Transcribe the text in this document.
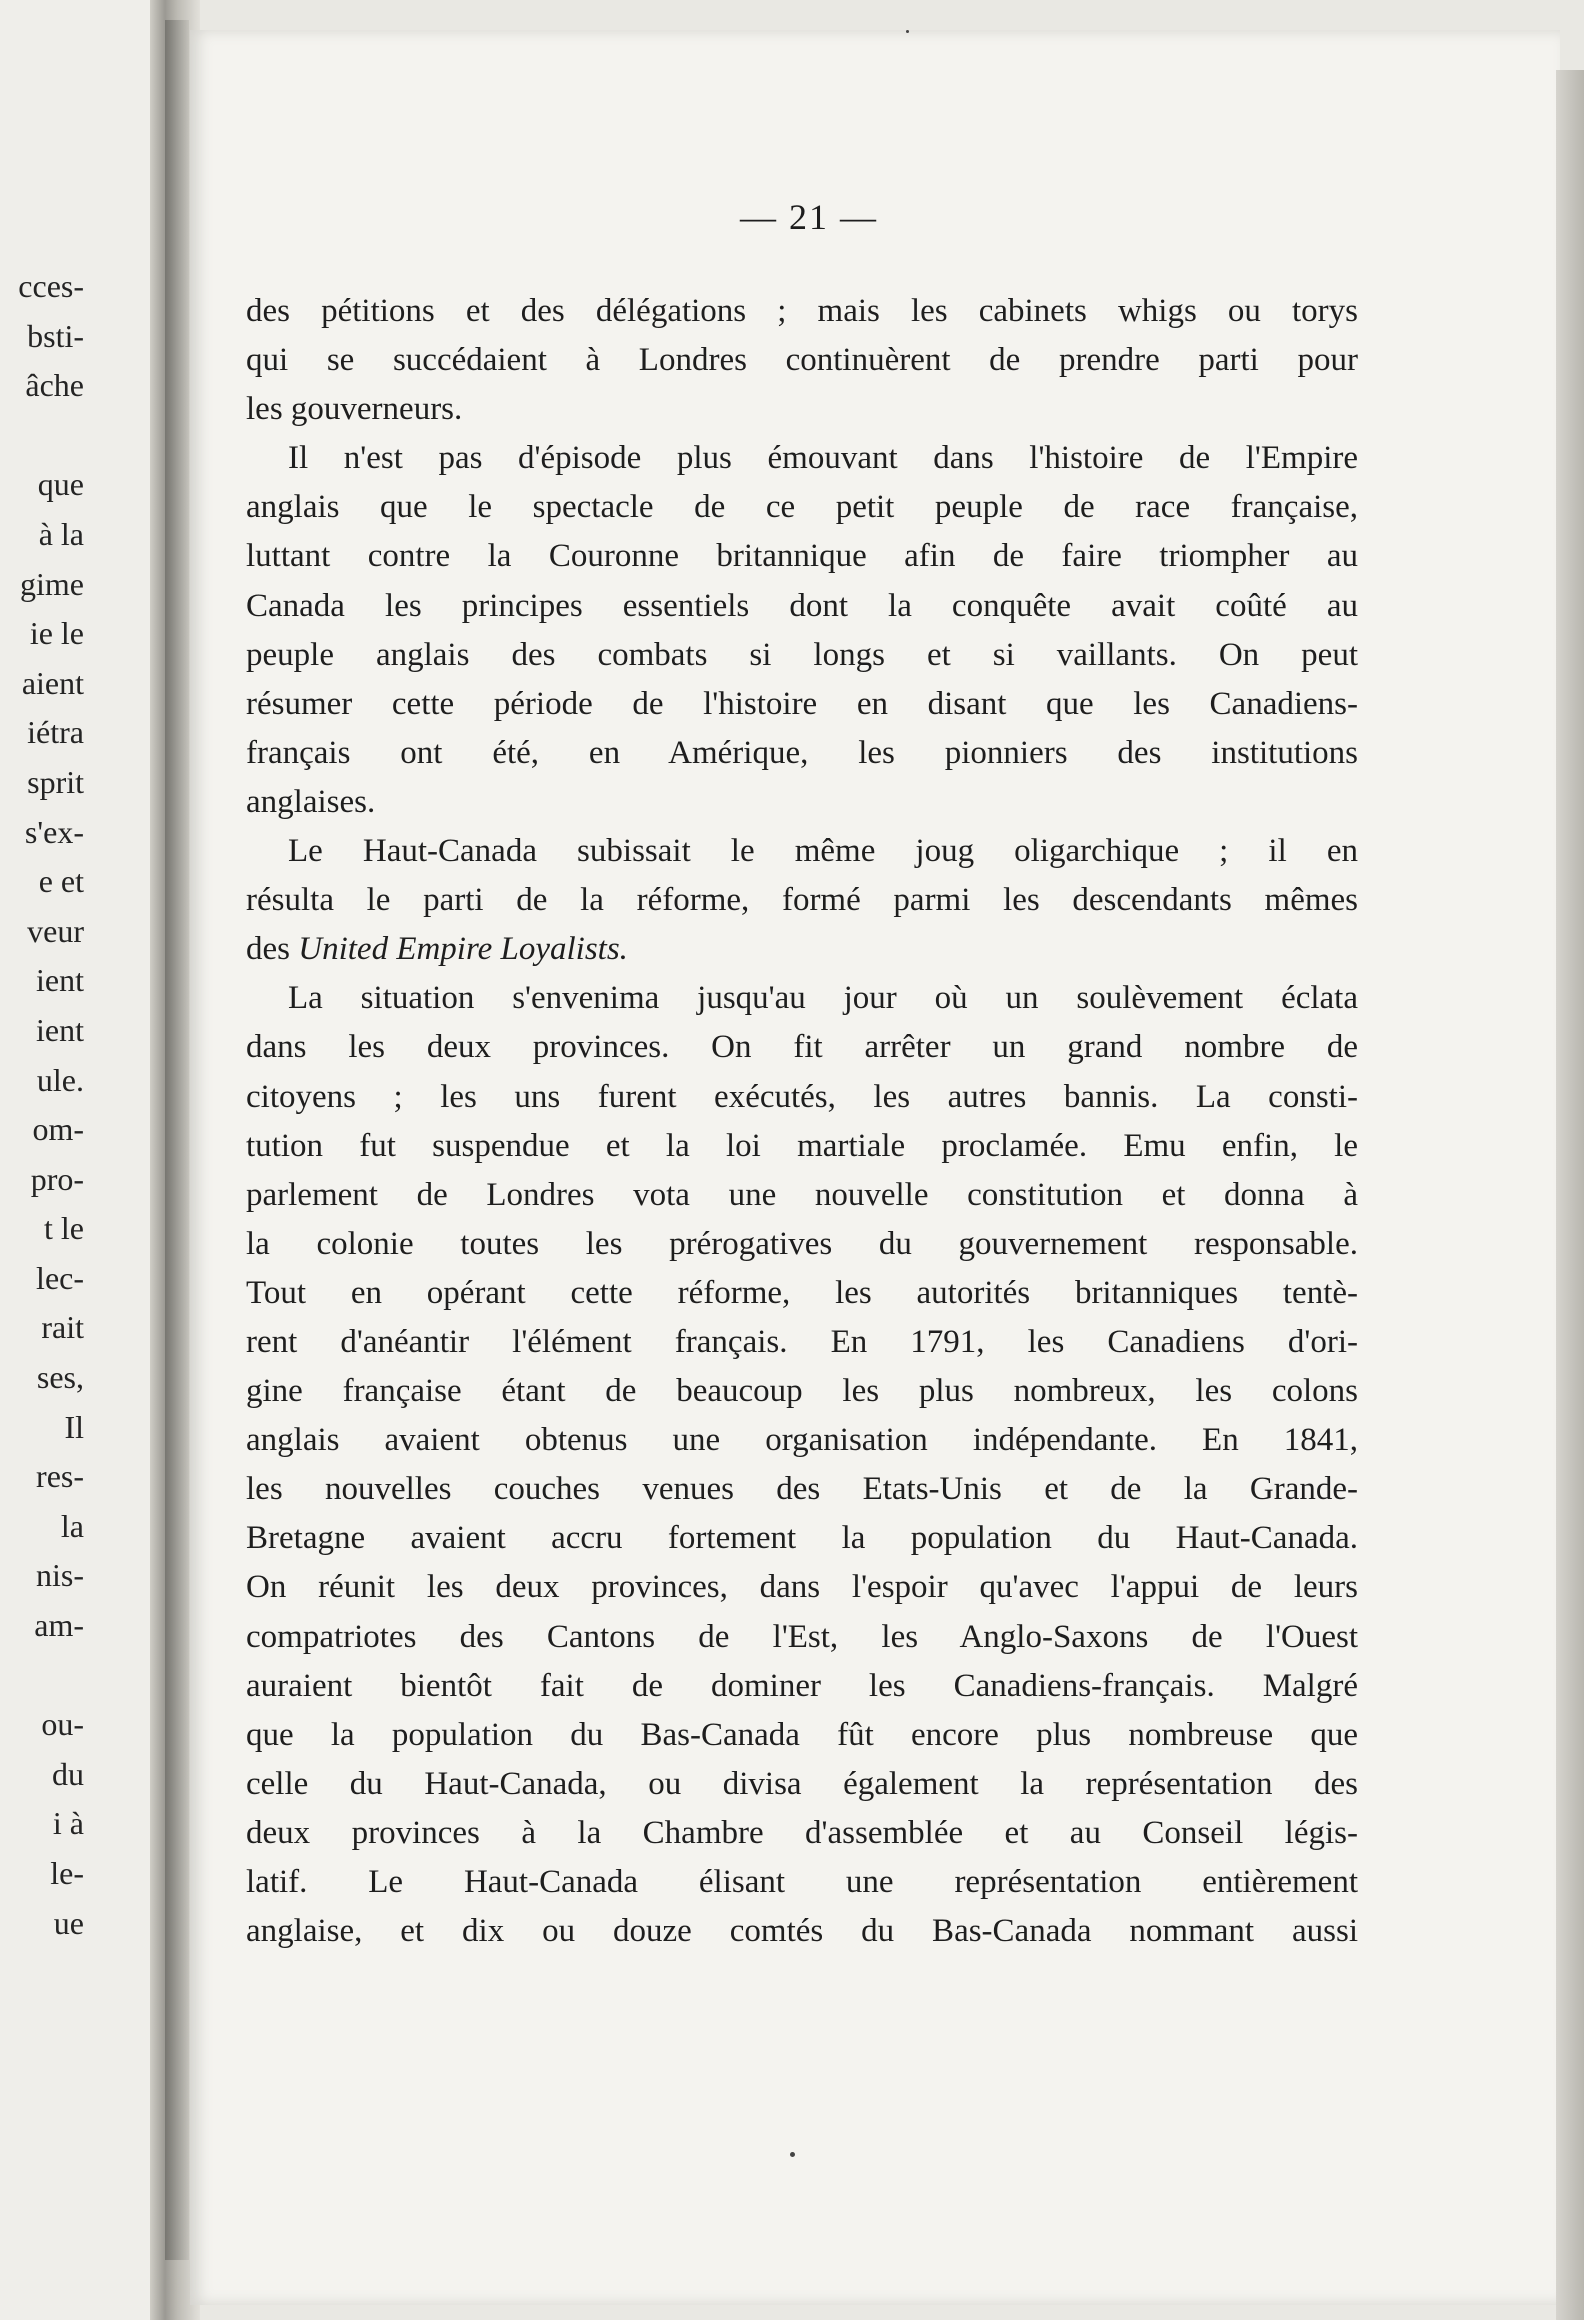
cces-
bsti-
âche
que
à la
gime
ie le
aient
iétra
sprit
s'ex-
e et
veur
ient
ient
ule.
om-
pro-
t le
lec-
rait
ses,
Il
res-
la
nis-
am-
ou-
du
i à
le-
ue
— 21 —
des pétitions et des délégations ; mais les cabinets whigs ou torys
qui se succédaient à Londres continuèrent de prendre parti pour
les gouverneurs.
Il n'est pas d'épisode plus émouvant dans l'histoire de l'Empire
anglais que le spectacle de ce petit peuple de race française,
luttant contre la Couronne britannique afin de faire triompher au
Canada les principes essentiels dont la conquête avait coûté au
peuple anglais des combats si longs et si vaillants. On peut
résumer cette période de l'histoire en disant que les Canadiens-
français ont été, en Amérique, les pionniers des institutions
anglaises.
Le Haut-Canada subissait le même joug oligarchique ; il en
résulta le parti de la réforme, formé parmi les descendants mêmes
des United Empire Loyalists.
La situation s'envenima jusqu'au jour où un soulèvement éclata
dans les deux provinces. On fit arrêter un grand nombre de
citoyens ; les uns furent exécutés, les autres bannis. La consti-
tution fut suspendue et la loi martiale proclamée. Emu enfin, le
parlement de Londres vota une nouvelle constitution et donna à
la colonie toutes les prérogatives du gouvernement responsable.
Tout en opérant cette réforme, les autorités britanniques tentè-
rent d'anéantir l'élément français. En 1791, les Canadiens d'ori-
gine française étant de beaucoup les plus nombreux, les colons
anglais avaient obtenus une organisation indépendante. En 1841,
les nouvelles couches venues des Etats-Unis et de la Grande-
Bretagne avaient accru fortement la population du Haut-Canada.
On réunit les deux provinces, dans l'espoir qu'avec l'appui de leurs
compatriotes des Cantons de l'Est, les Anglo-Saxons de l'Ouest
auraient bientôt fait de dominer les Canadiens-français. Malgré
que la population du Bas-Canada fût encore plus nombreuse que
celle du Haut-Canada, ou divisa également la représentation des
deux provinces à la Chambre d'assemblée et au Conseil légis-
latif. Le Haut-Canada élisant une représentation entièrement
anglaise, et dix ou douze comtés du Bas-Canada nommant aussi
